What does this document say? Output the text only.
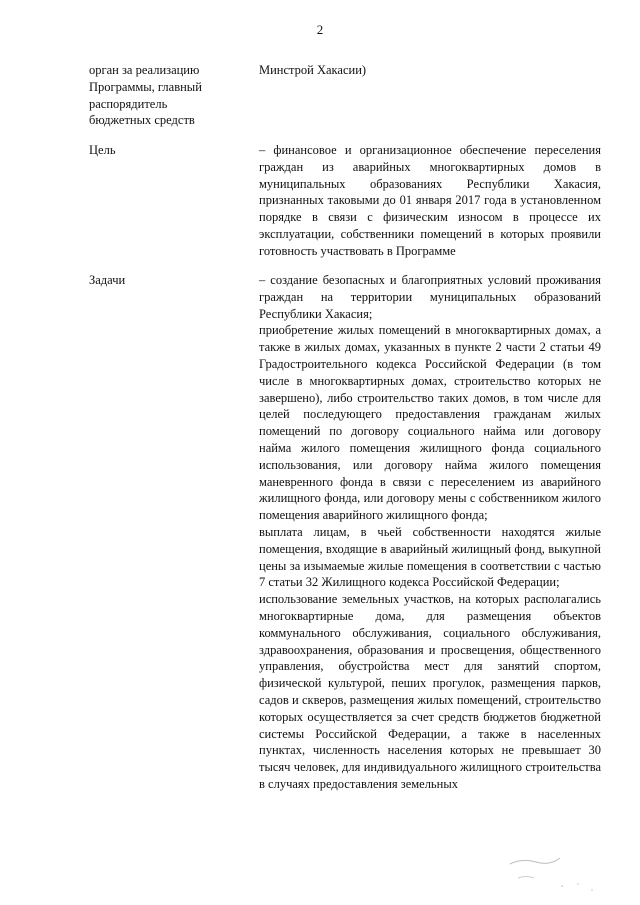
2
орган за реализацию
Программы, главный
распорядитель
бюджетных средств

Минстрой Хакасии)

Цель	– финансовое и организационное обеспечение переселения граждан из аварийных многоквартирных домов в муниципальных образованиях Республики Хакасия, признанных таковыми до 01 января 2017 года в установленном порядке в связи с физическим износом в процессе их эксплуатации, собственники помещений в которых проявили готовность участвовать в Программе

Задачи	– создание безопасных и благоприятных условий проживания граждан на территории муниципальных образований Республики Хакасия;

приобретение жилых помещений в многоквартирных домах, а также в жилых домах, указанных в пункте 2 части 2 статьи 49 Градостроительного кодекса Российской Федерации (в том числе в многоквартирных домах, строительство которых не завершено), либо строительство таких домов, в том числе для целей последующего предоставления гражданам жилых помещений по договору социального найма или договору найма жилого помещения жилищного фонда социального использования, или договору найма жилого помещения маневренного фонда в связи с переселением из аварийного жилищного фонда, или договору мены с собственником жилого помещения аварийного жилищного фонда;

выплата лицам, в чьей собственности находятся жилые помещения, входящие в аварийный жилищный фонд, выкупной цены за изымаемые жилые помещения в соответствии с частью 7 статьи 32 Жилищного кодекса Российской Федерации;

использование земельных участков, на которых располагались многоквартирные дома, для размещения объектов коммунального обслуживания, социального обслуживания, здравоохранения, образования и просвещения, общественного управления, обустройства мест для занятий спортом, физической культурой, пеших прогулок, размещения парков, садов и скверов, размещения жилых помещений, строительство которых осуществляется за счет средств бюджетов бюджетной системы Российской Федерации, а также в населенных пунктах, численность населения которых не превышает 30 тысяч человек, для индивидуального жилищного строительства в случаях предоставления земельных
